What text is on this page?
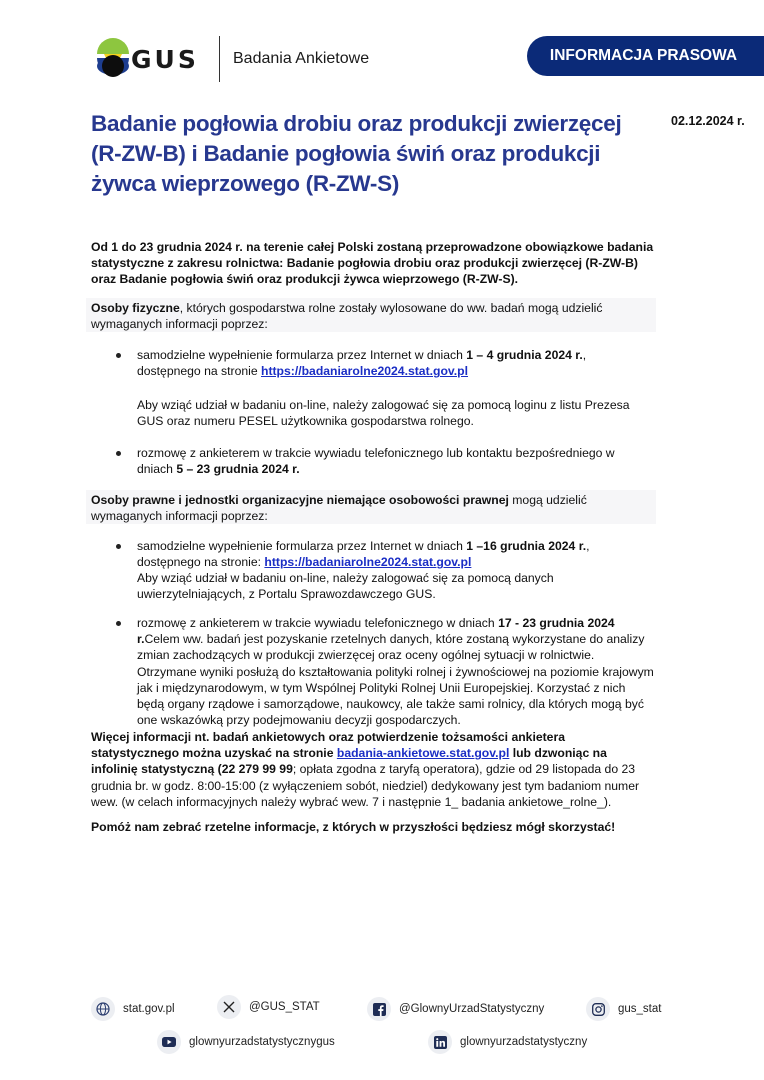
GUS Badania Ankietowe	INFORMACJA PRASOWA
02.12.2024 r.
Badanie pogłowia drobiu oraz produkcji zwierzęcej (R-ZW-B) i Badanie pogłowia świń oraz produkcji żywca wieprzowego (R-ZW-S)

Od 1 do 23 grudnia 2024 r. na terenie całej Polski zostaną przeprowadzone obowiązkowe badania statystyczne z zakresu rolnictwa: Badanie pogłowia drobiu oraz produkcji zwierzęcej (R-ZW-B) oraz Badanie pogłowia świń oraz produkcji żywca wieprzowego (R-ZW-S).

Osoby fizyczne, których gospodarstwa rolne zostały wylosowane do ww. badań mogą udzielić wymaganych informacji poprzez:

samodzielne wypełnienie formularza przez Internet w dniach 1 – 4 grudnia 2024 r., dostępnego na stronie https://badaniarolne2024.stat.gov.pl

Aby wziąć udział w badaniu on-line, należy zalogować się za pomocą loginu z listu Prezesa GUS oraz numeru PESEL użytkownika gospodarstwa rolnego.

rozmowę z ankieterem w trakcie wywiadu telefonicznego lub kontaktu bezpośredniego w dniach 5 – 23 grudnia 2024 r.

Osoby prawne i jednostki organizacyjne niemające osobowości prawnej mogą udzielić wymaganych informacji poprzez:

samodzielne wypełnienie formularza przez Internet w dniach 1 –16 grudnia 2024 r., dostępnego na stronie: https://badaniarolne2024.stat.gov.pl

Aby wziąć udział w badaniu on-line, należy zalogować się za pomocą danych uwierzytelniających, z Portalu Sprawozdawczego GUS.

rozmowę z ankieterem w trakcie wywiadu telefonicznego w dniach 17 - 23 grudnia 2024 r.Celem ww. badań jest pozyskanie rzetelnych danych, które zostaną wykorzystane do analizy zmian zachodzących w produkcji zwierzęcej oraz oceny ogólnej sytuacji w rolnictwie. Otrzymane wyniki posłużą do kształtowania polityki rolnej i żywnościowej na poziomie krajowym jak i międzynarodowym, w tym Wspólnej Polityki Rolnej Unii Europejskiej. Korzystać z nich będą organy rządowe i samorządowe, naukowcy, ale także sami rolnicy, dla których mogą być one wskazówką przy podejmowaniu decyzji gospodarczych.

Więcej informacji nt. badań ankietowych oraz potwierdzenie tożsamości ankietera statystycznego można uzyskać na stronie badania-ankietowe.stat.gov.pl lub dzwoniąc na infolinię statystyczną (22 279 99 99; opłata zgodna z taryfą operatora), gdzie od 29 listopada do 23 grudnia br. w godz. 8:00-15:00 (z wyłączeniem sobót, niedziel) dedykowany jest tym badaniom numer wew. (w celach informacyjnych należy wybrać wew. 7 i następnie 1_ badania ankietowe_rolne_).

Pomóż nam zebrać rzetelne informacje, z których w przyszłości będziesz mógł skorzystać!

stat.gov.pl	@GUS_STAT	@GlownyUrzadStatystyczny	gus_stat
glownyurzadstatystycznygus	glownyurzadstatystyczny
